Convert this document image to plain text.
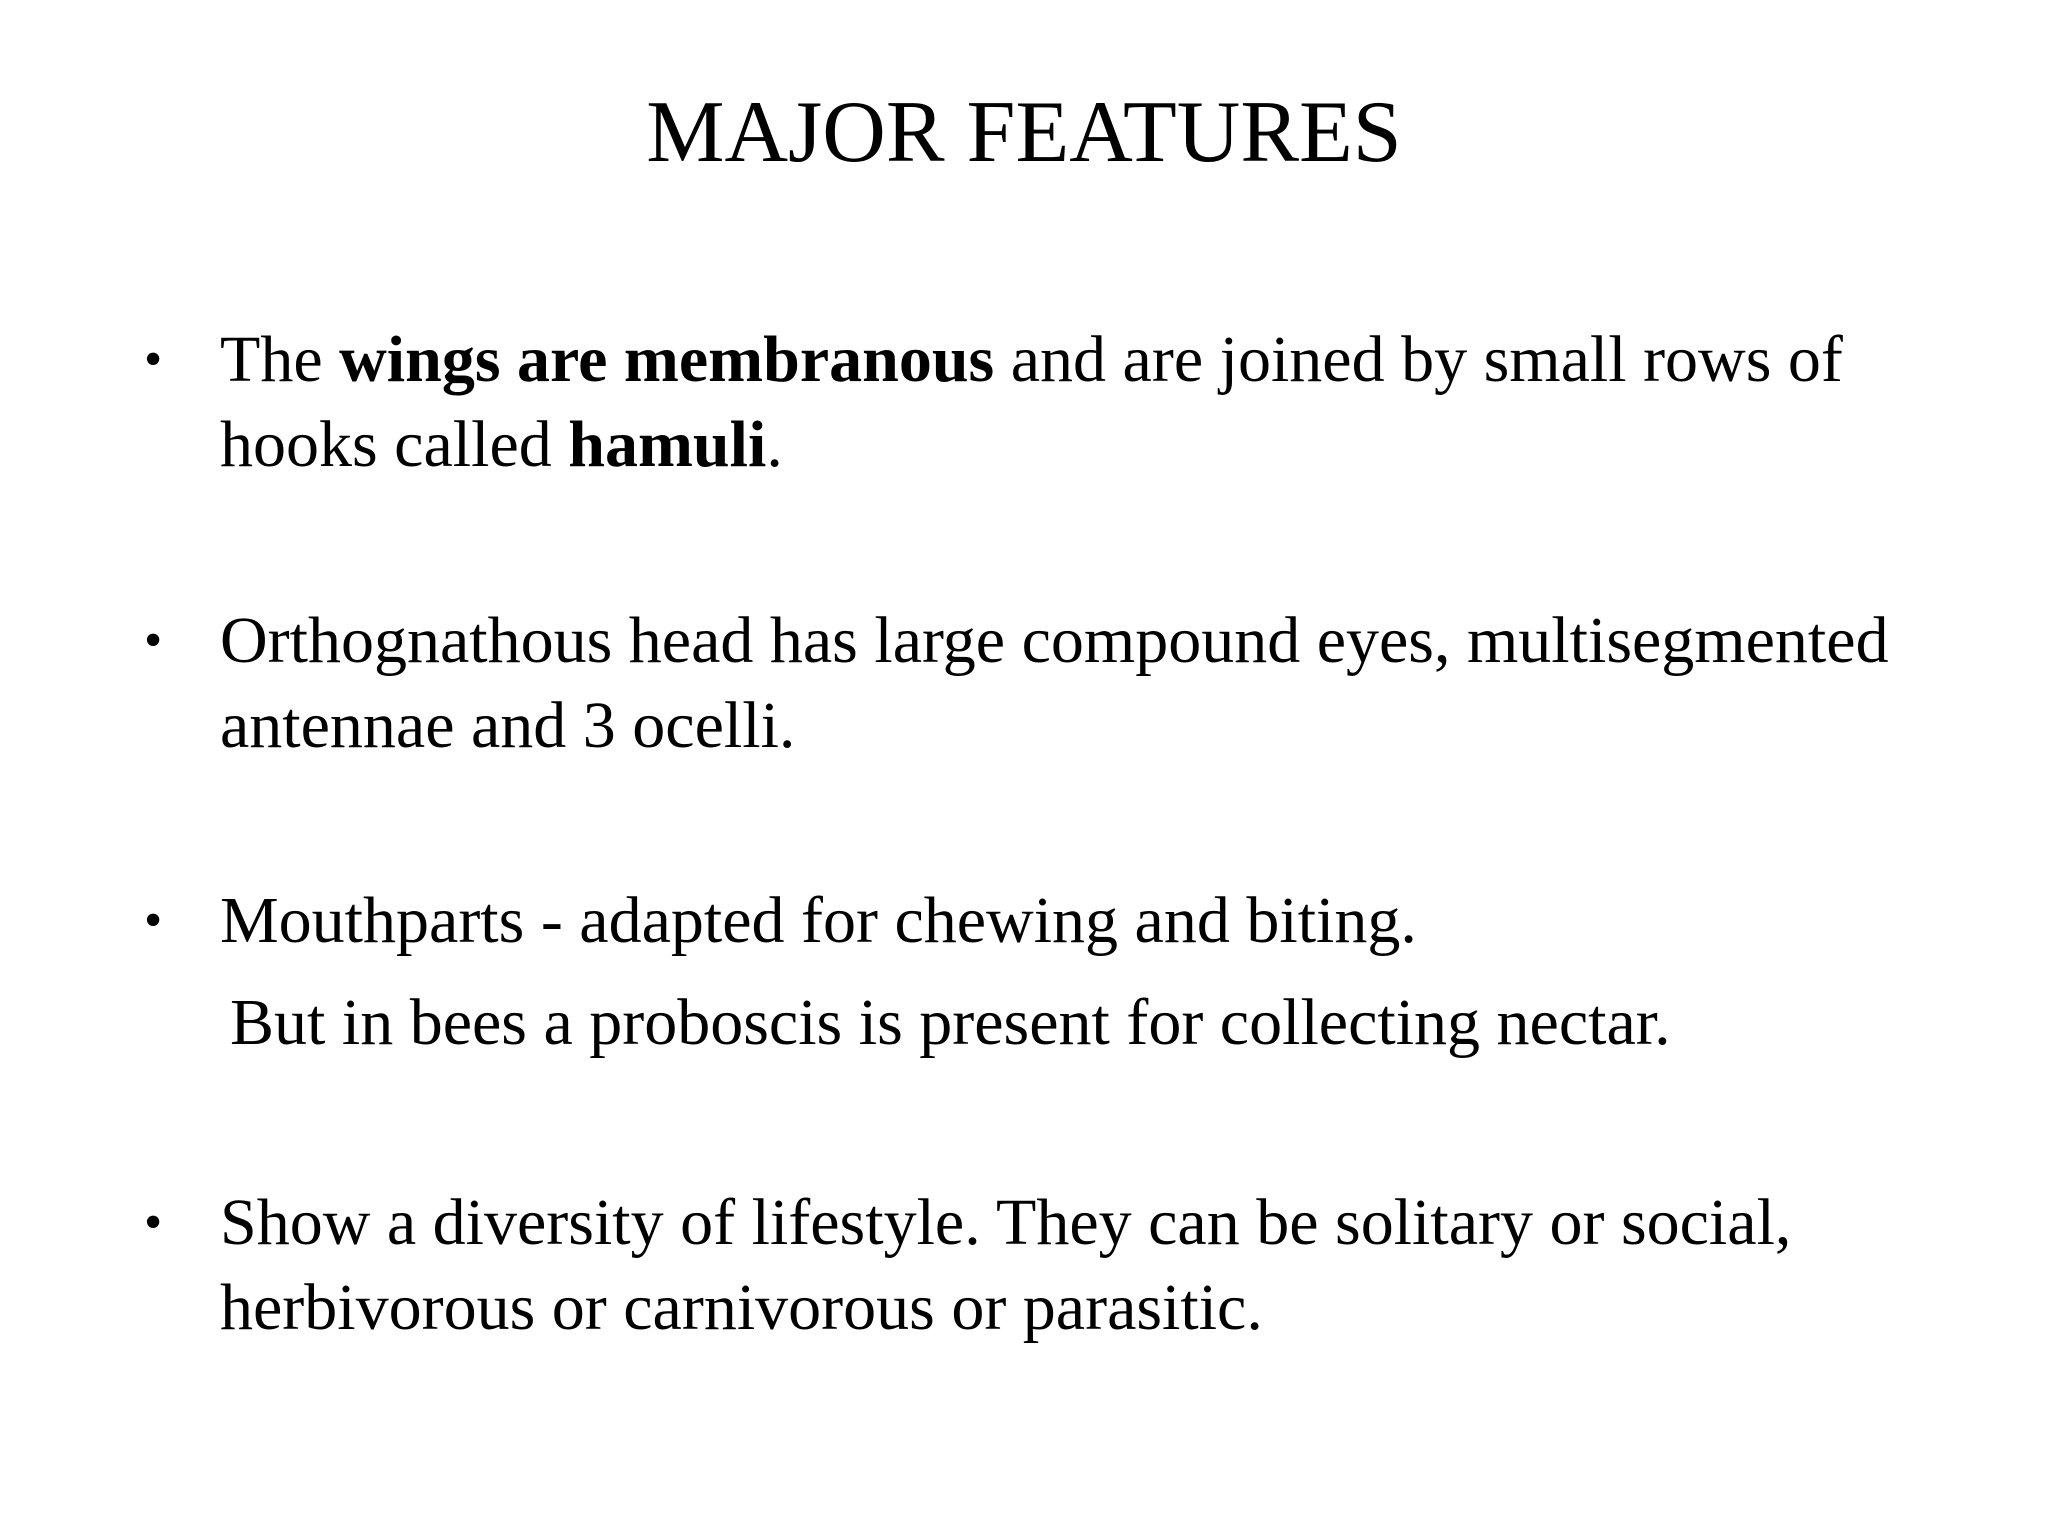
MAJOR FEATURES
• The wings are membranous and are joined by small rows of hooks called hamuli.
• Orthognathous head has large compound eyes, multisegmented antennae and 3 ocelli.
• Mouthparts - adapted for chewing and biting.
But in bees a proboscis is present for collecting nectar.
• Show a diversity of lifestyle. They can be solitary or social, herbivorous or carnivorous or parasitic.
